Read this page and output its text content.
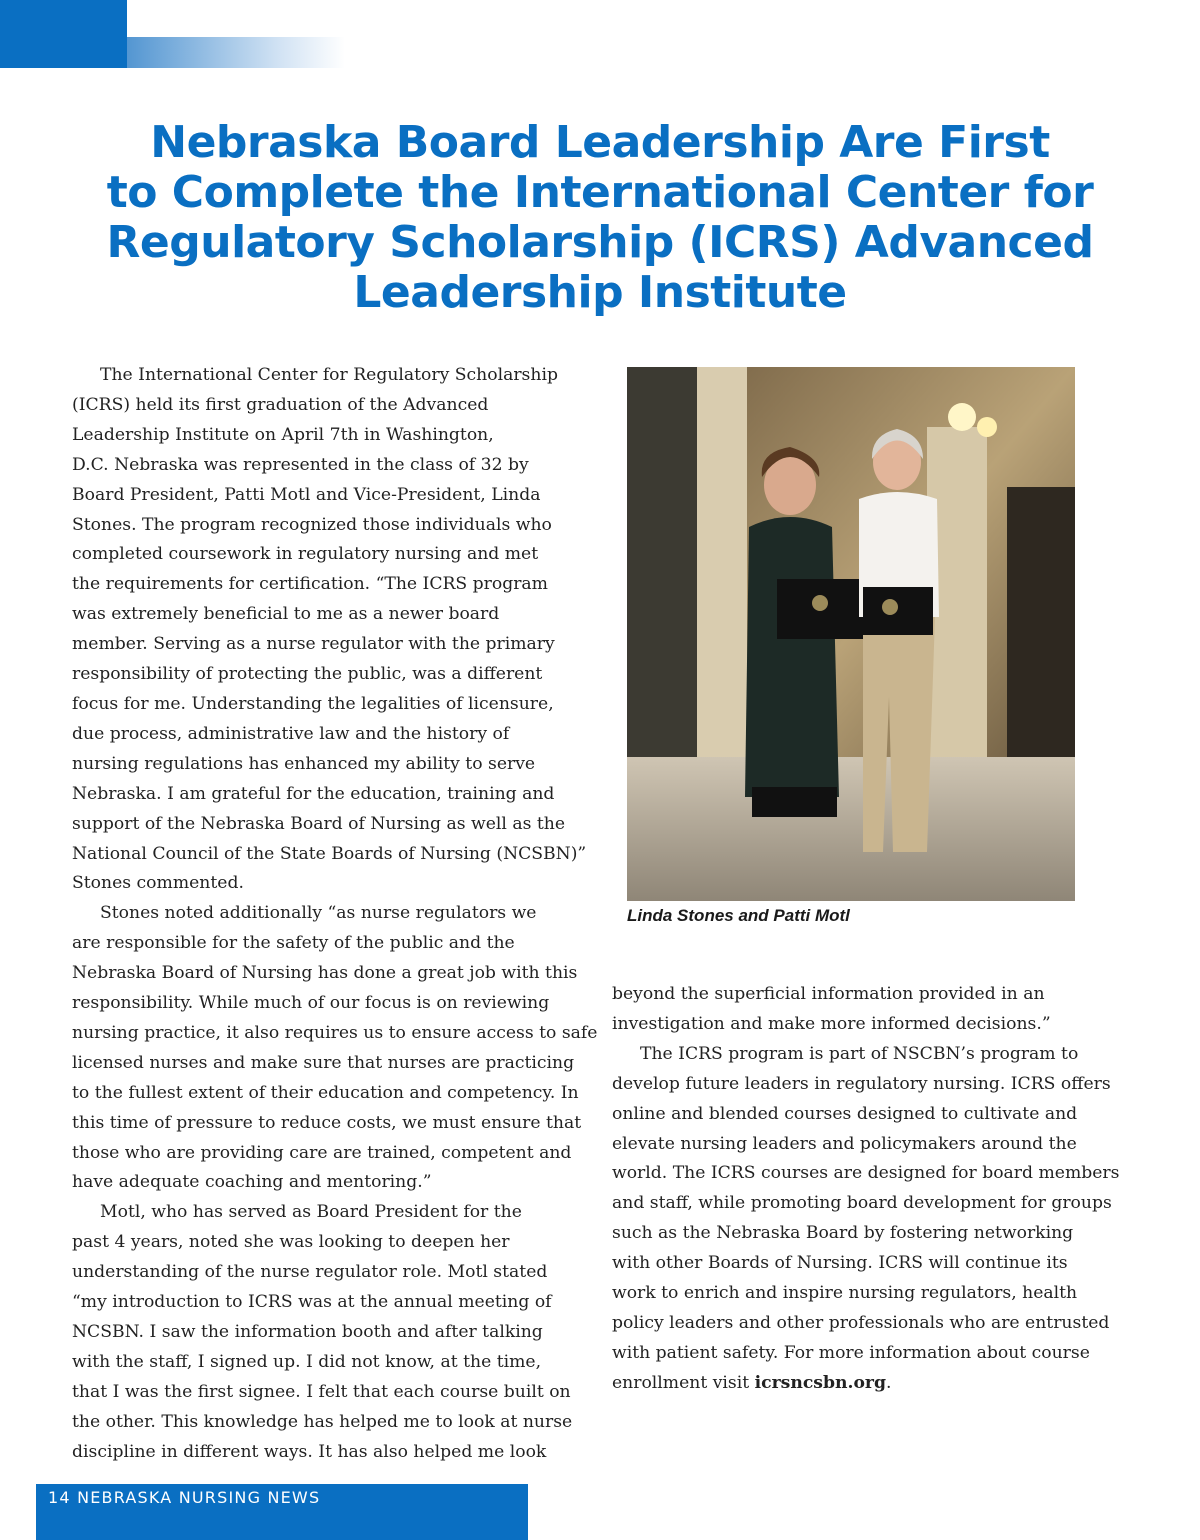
Nebraska Board Leadership Are First
to Complete the International Center for
Regulatory Scholarship (ICRS) Advanced
Leadership Institute
The International Center for Regulatory Scholarship
(ICRS) held its first graduation of the Advanced
Leadership Institute on April 7th in Washington,
D.C. Nebraska was represented in the class of 32 by
Board President, Patti Motl and Vice-President, Linda
Stones. The program recognized those individuals who
completed coursework in regulatory nursing and met
the requirements for certification. “The ICRS program
was extremely beneficial to me as a newer board
member. Serving as a nurse regulator with the primary
responsibility of protecting the public, was a different
focus for me. Understanding the legalities of licensure,
due process, administrative law and the history of
nursing regulations has enhanced my ability to serve
Nebraska. I am grateful for the education, training and
support of the Nebraska Board of Nursing as well as the
National Council of the State Boards of Nursing (NCSBN)”
Stones commented.
Stones noted additionally “as nurse regulators we
are responsible for the safety of the public and the
Nebraska Board of Nursing has done a great job with this
responsibility. While much of our focus is on reviewing
nursing practice, it also requires us to ensure access to safe
licensed nurses and make sure that nurses are practicing
to the fullest extent of their education and competency. In
this time of pressure to reduce costs, we must ensure that
those who are providing care are trained, competent and
have adequate coaching and mentoring.”
Motl, who has served as Board President for the
past 4 years, noted she was looking to deepen her
understanding of the nurse regulator role. Motl stated
“my introduction to ICRS was at the annual meeting of
NCSBN. I saw the information booth and after talking
with the staff, I signed up. I did not know, at the time,
that I was the first signee. I felt that each course built on
the other. This knowledge has helped me to look at nurse
discipline in different ways. It has also helped me look
Linda Stones and Patti Motl
beyond the superficial information provided in an
investigation and make more informed decisions.”
The ICRS program is part of NSCBN’s program to
develop future leaders in regulatory nursing. ICRS offers
online and blended courses designed to cultivate and
elevate nursing leaders and policymakers around the
world. The ICRS courses are designed for board members
and staff, while promoting board development for groups
such as the Nebraska Board by fostering networking
with other Boards of Nursing. ICRS will continue its
work to enrich and inspire nursing regulators, health
policy leaders and other professionals who are entrusted
with patient safety. For more information about course
enrollment visit icrsncsbn.org.
14 NEBRASKA NURSING NEWS
